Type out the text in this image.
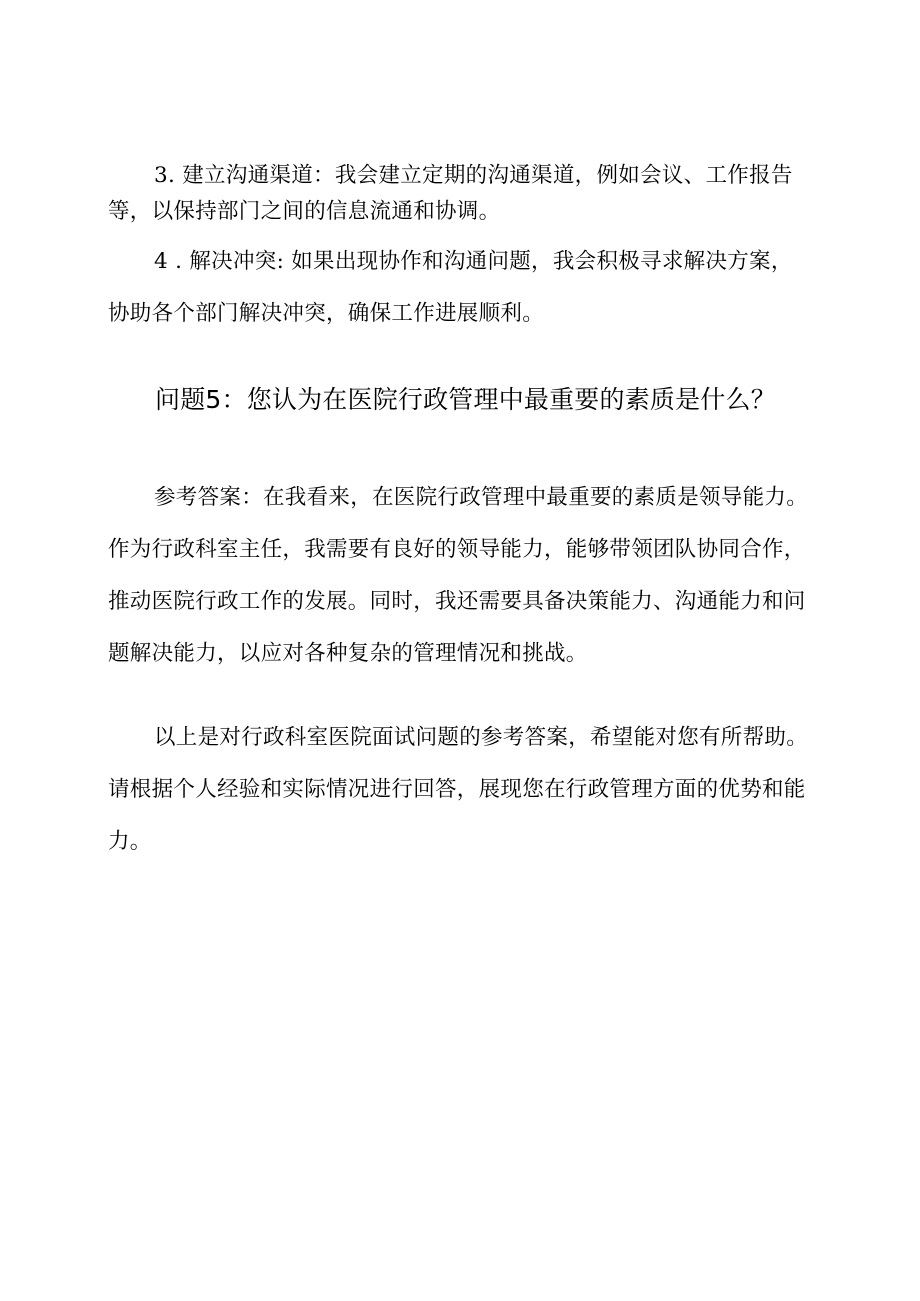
3. 建立沟通渠道：我会建立定期的沟通渠道，例如会议、工作报告等，以保持部门之间的信息流通和协调。

4 . 解决冲突: 如果出现协作和沟通问题，我会积极寻求解决方案，协助各个部门解决冲突，确保工作进展顺利。

问题5：您认为在医院行政管理中最重要的素质是什么？

参考答案：在我看来，在医院行政管理中最重要的素质是领导能力。作为行政科室主任，我需要有良好的领导能力，能够带领团队协同合作，推动医院行政工作的发展。同时，我还需要具备决策能力、沟通能力和问题解决能力，以应对各种复杂的管理情况和挑战。

以上是对行政科室医院面试问题的参考答案，希望能对您有所帮助。请根据个人经验和实际情况进行回答，展现您在行政管理方面的优势和能力。
